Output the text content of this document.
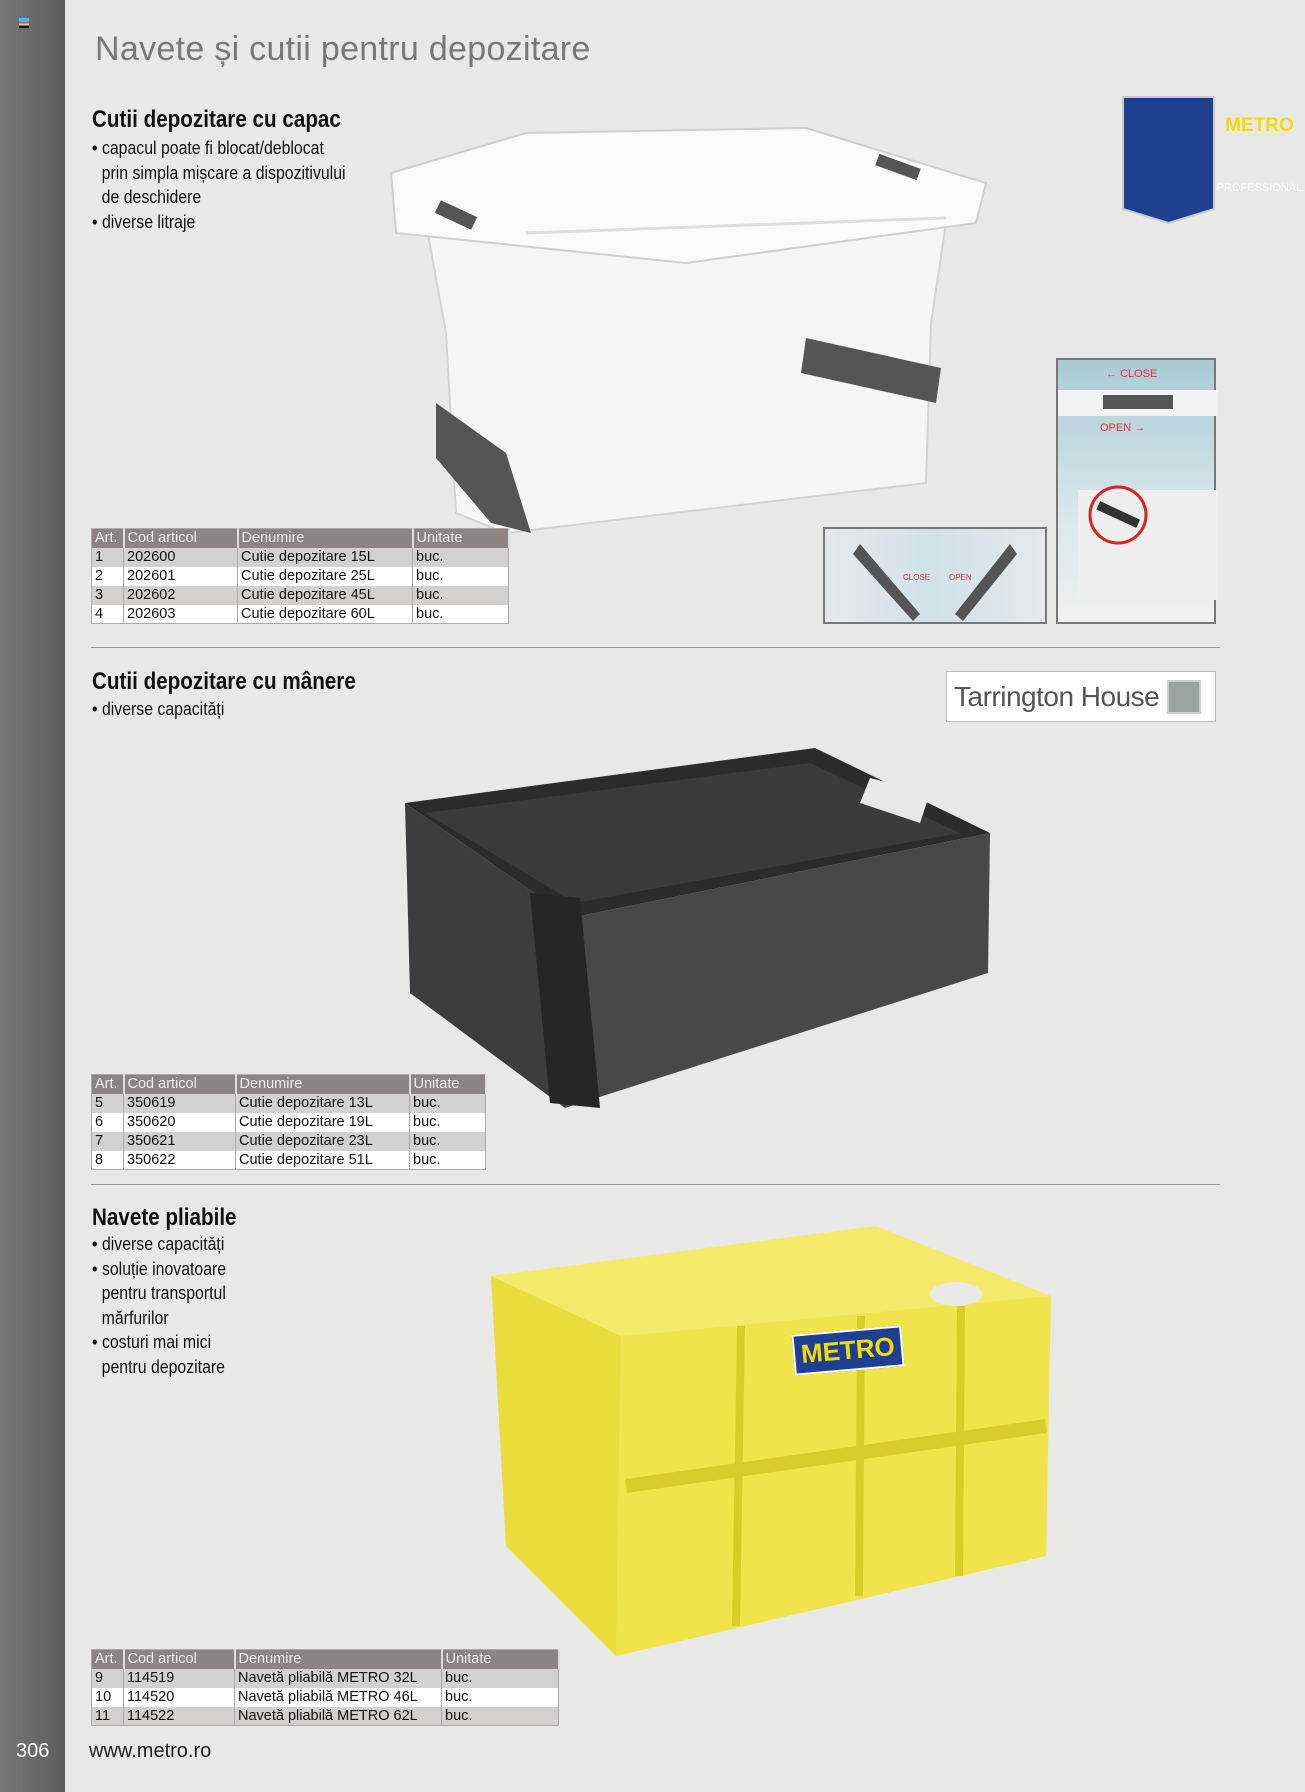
Navete și cutii pentru depozitare
METRO
PROFESSIONAL
Cutii depozitare cu capac
• capacul poate fi blocat/deblocat prin simpla mișcare a dispozitivului de deschidere
• diverse litraje
CLOSE OPEN
← CLOSE
OPEN →
Art.	Cod articol	Denumire	Unitate
1	202600	Cutie depozitare 15L	buc.
2	202601	Cutie depozitare 25L	buc.
3	202602	Cutie depozitare 45L	buc.
4	202603	Cutie depozitare 60L	buc.
Cutii depozitare cu mânere
• diverse capacități	Tarrington House
Art.	Cod articol	Denumire	Unitate
5	350619	Cutie depozitare 13L	buc.
6	350620	Cutie depozitare 19L	buc.
7	350621	Cutie depozitare 23L	buc.
8	350622	Cutie depozitare 51L	buc.
Navete pliabile
• diverse capacități
• soluție inovatoare pentru transportul mărfurilor
• costuri mai mici pentru depozitare	METRO
Art.	Cod articol	Denumire	Unitate
9	114519	Navetă pliabilă METRO 32L	buc.
10	114520	Navetă pliabilă METRO 46L	buc.
11	114522	Navetă pliabilă METRO 62L	buc.
306 www.metro.ro
